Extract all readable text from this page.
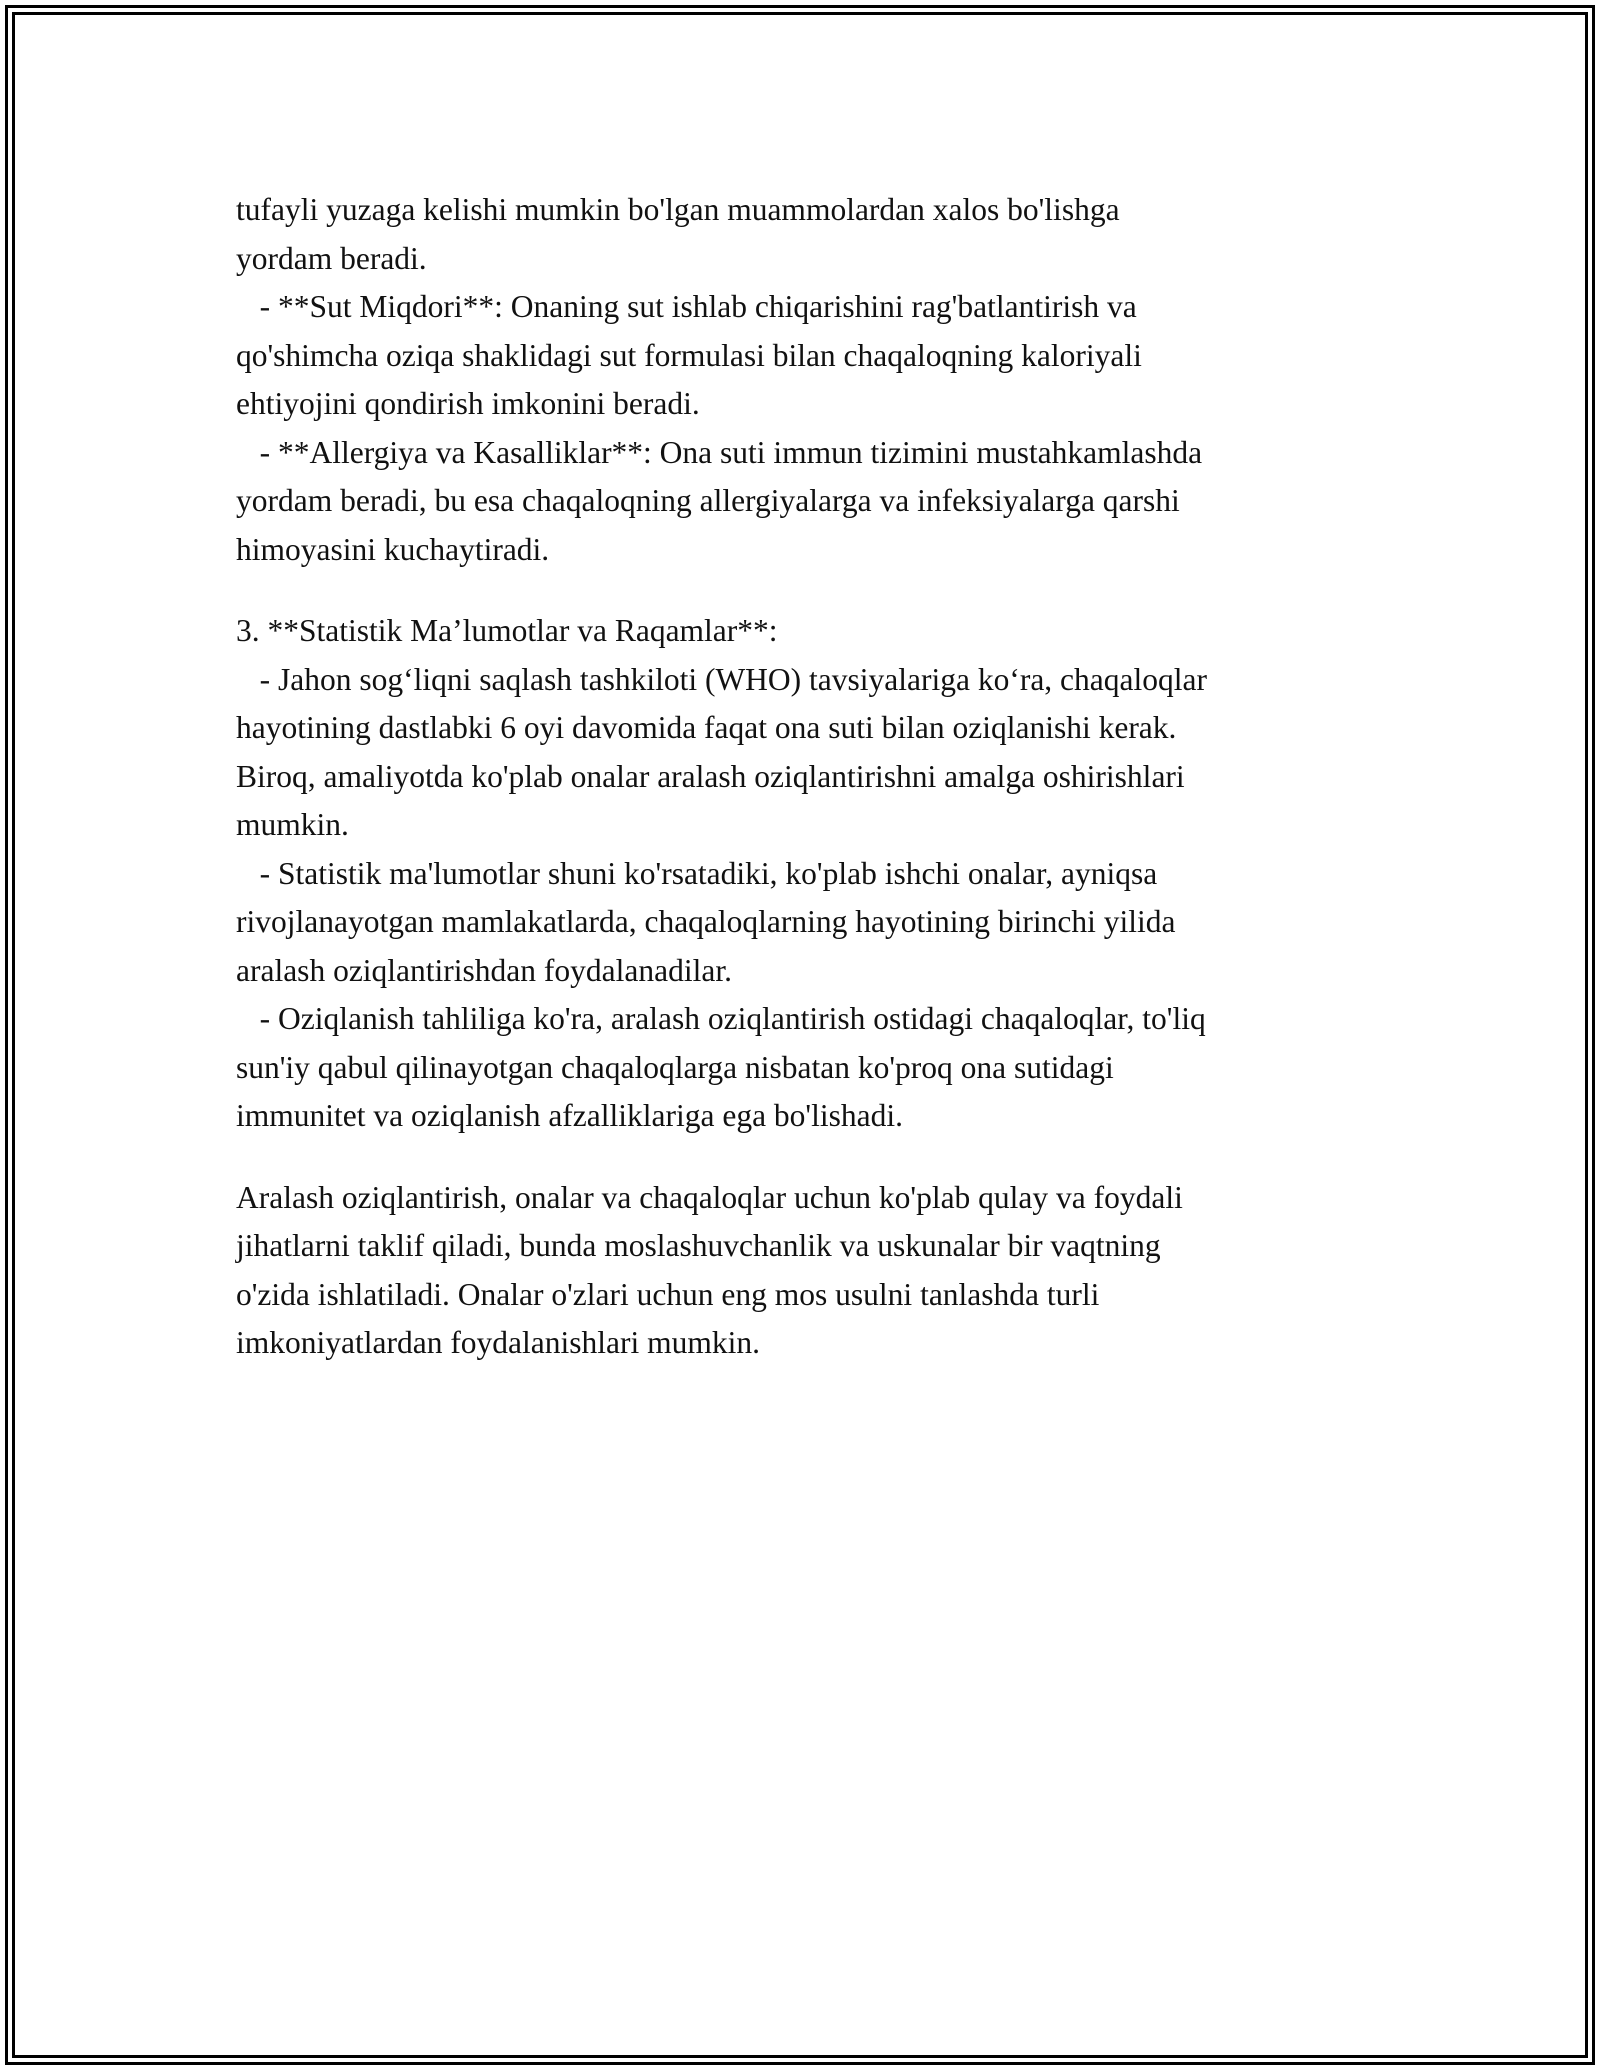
tufayli yuzaga kelishi mumkin bo'lgan muammolardan xalos bo'lishga
yordam beradi.
- **Sut Miqdori**: Onaning sut ishlab chiqarishini rag'batlantirish va
qo'shimcha oziqa shaklidagi sut formulasi bilan chaqaloqning kaloriyali
ehtiyojini qondirish imkonini beradi.
- **Allergiya va Kasalliklar**: Ona suti immun tizimini mustahkamlashda
yordam beradi, bu esa chaqaloqning allergiyalarga va infeksiyalarga qarshi
himoyasini kuchaytiradi.
3. **Statistik Ma’lumotlar va Raqamlar**:
- Jahon sog‘liqni saqlash tashkiloti (WHO) tavsiyalariga ko‘ra, chaqaloqlar
hayotining dastlabki 6 oyi davomida faqat ona suti bilan oziqlanishi kerak.
Biroq, amaliyotda ko'plab onalar aralash oziqlantirishni amalga oshirishlari
mumkin.
- Statistik ma'lumotlar shuni ko'rsatadiki, ko'plab ishchi onalar, ayniqsa
rivojlanayotgan mamlakatlarda, chaqaloqlarning hayotining birinchi yilida
aralash oziqlantirishdan foydalanadilar.
- Oziqlanish tahliliga ko'ra, aralash oziqlantirish ostidagi chaqaloqlar, to'liq
sun'iy qabul qilinayotgan chaqaloqlarga nisbatan ko'proq ona sutidagi
immunitet va oziqlanish afzalliklariga ega bo'lishadi.
Aralash oziqlantirish, onalar va chaqaloqlar uchun ko'plab qulay va foydali
jihatlarni taklif qiladi, bunda moslashuvchanlik va uskunalar bir vaqtning
o'zida ishlatiladi. Onalar o'zlari uchun eng mos usulni tanlashda turli
imkoniyatlardan foydalanishlari mumkin.
